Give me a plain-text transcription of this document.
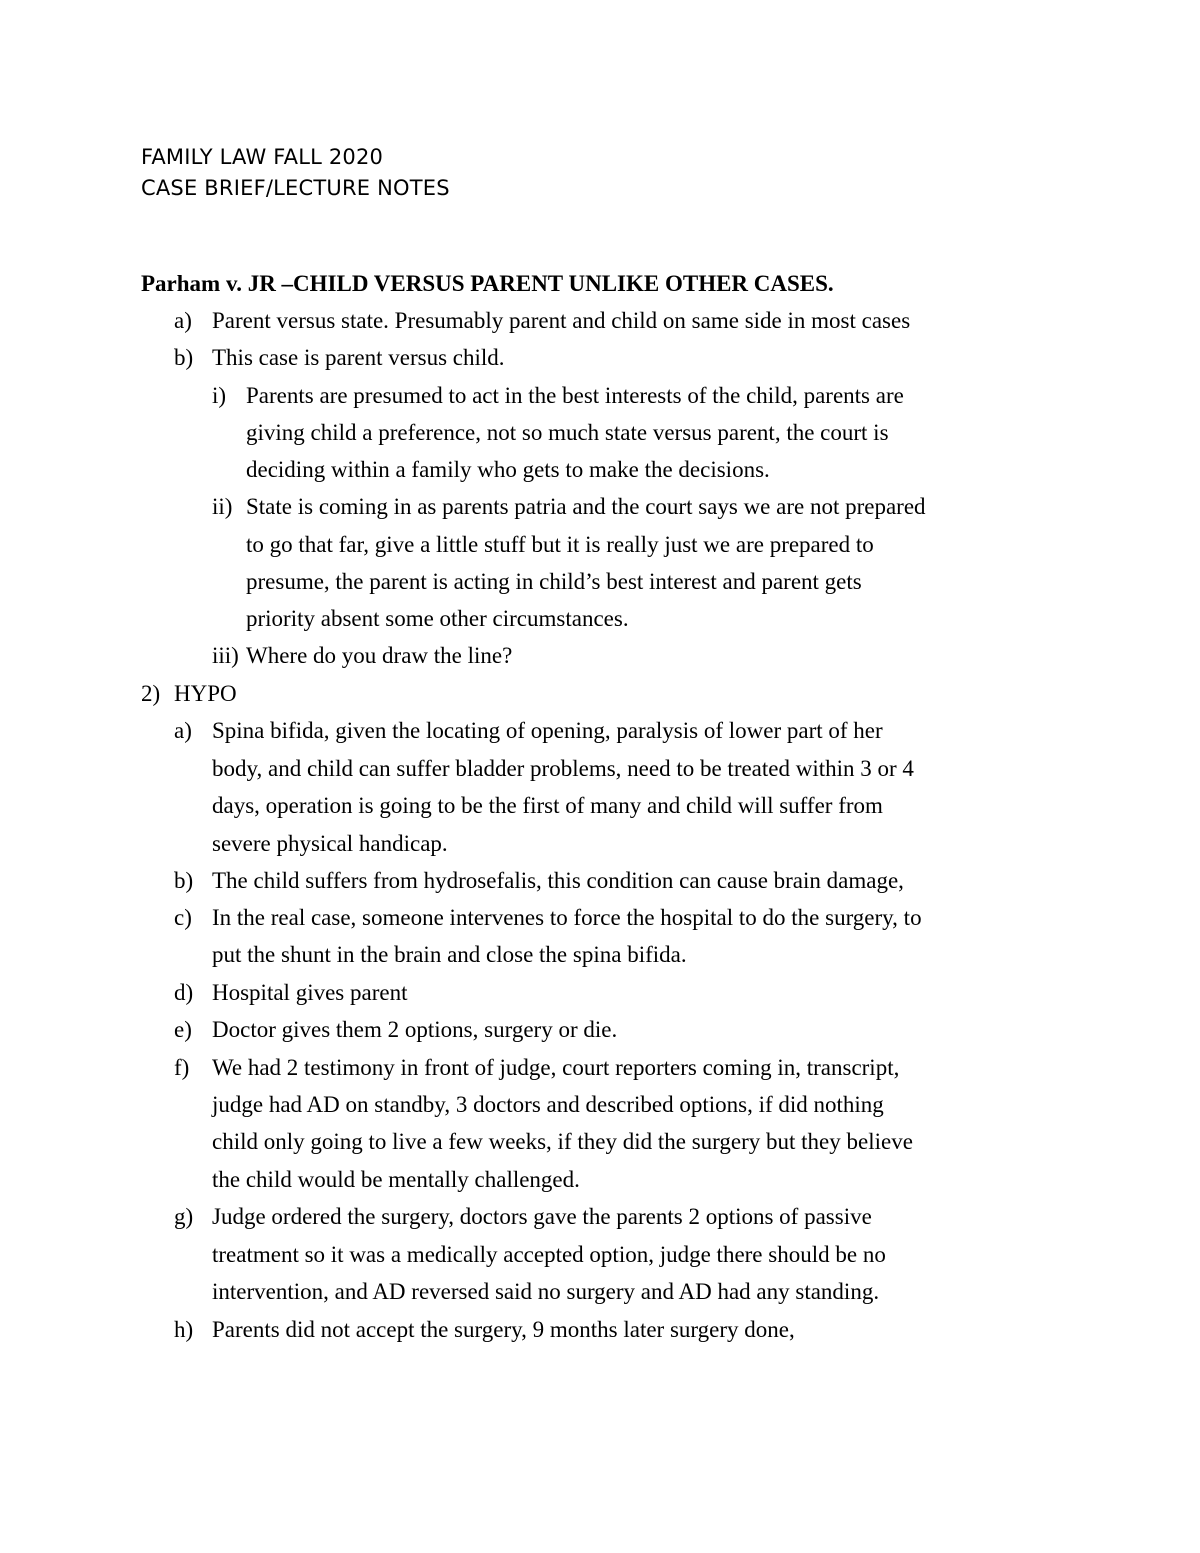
FAMILY LAW FALL 2020
CASE BRIEF/LECTURE NOTES
Parham v. JR –CHILD VERSUS PARENT UNLIKE OTHER CASES.
a) Parent versus state. Presumably parent and child on same side in most cases
b) This case is parent versus child.
i) Parents are presumed to act in the best interests of the child, parents are
giving child a preference, not so much state versus parent, the court is
deciding within a family who gets to make the decisions.
ii) State is coming in as parents patria and the court says we are not prepared
to go that far, give a little stuff but it is really just we are prepared to
presume, the parent is acting in child’s best interest and parent gets
priority absent some other circumstances.
iii) Where do you draw the line?
2) HYPO
a) Spina bifida, given the locating of opening, paralysis of lower part of her
body, and child can suffer bladder problems, need to be treated within 3 or 4
days, operation is going to be the first of many and child will suffer from
severe physical handicap.
b) The child suffers from hydrosefalis, this condition can cause brain damage,
c) In the real case, someone intervenes to force the hospital to do the surgery, to
put the shunt in the brain and close the spina bifida.
d) Hospital gives parent
e) Doctor gives them 2 options, surgery or die.
f) We had 2 testimony in front of judge, court reporters coming in, transcript,
judge had AD on standby, 3 doctors and described options, if did nothing
child only going to live a few weeks, if they did the surgery but they believe
the child would be mentally challenged.
g) Judge ordered the surgery, doctors gave the parents 2 options of passive
treatment so it was a medically accepted option, judge there should be no
intervention, and AD reversed said no surgery and AD had any standing.
h) Parents did not accept the surgery, 9 months later surgery done,
